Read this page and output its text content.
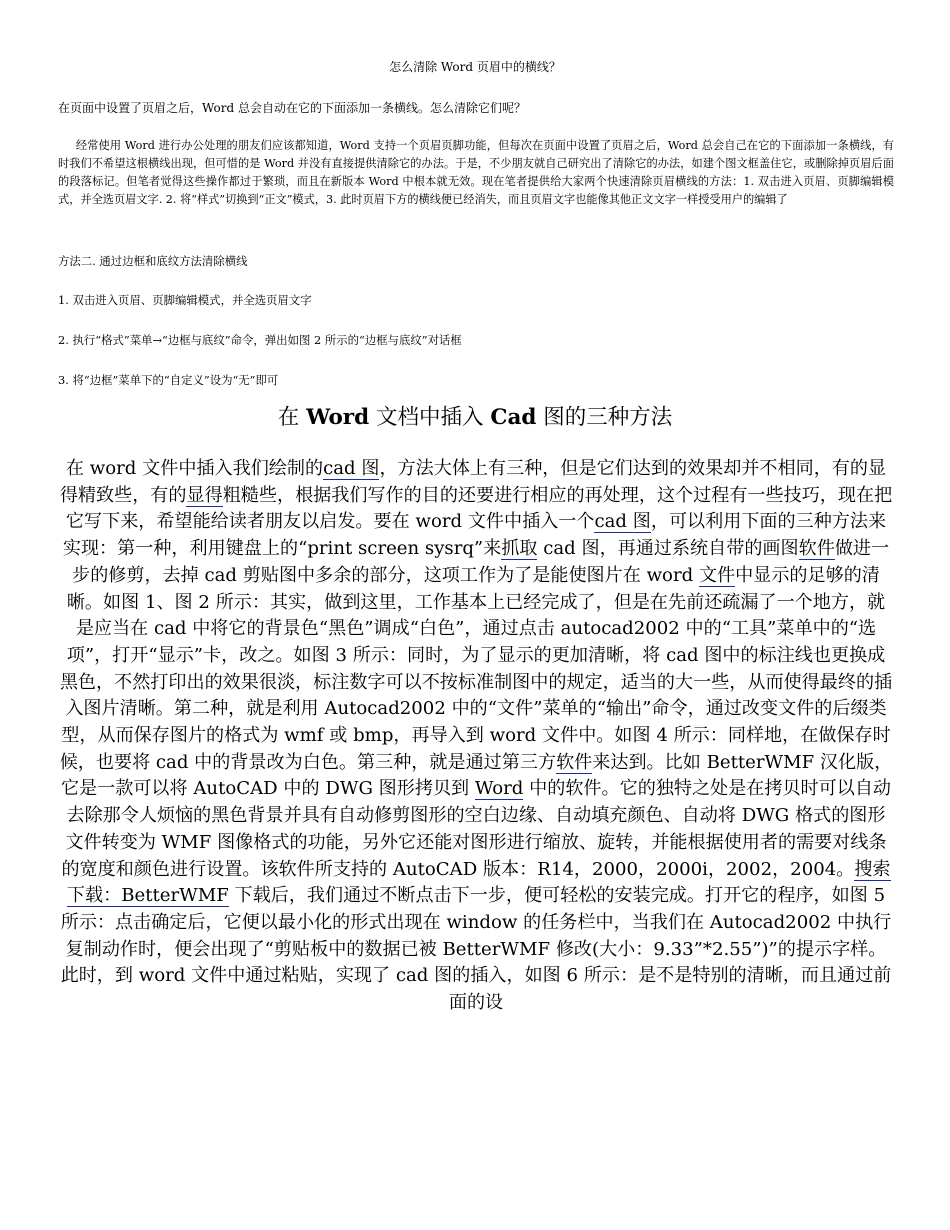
怎么清除 Word 页眉中的横线？
在页面中设置了页眉之后，Word 总会自动在它的下面添加一条横线。怎么清除它们呢？
经常使用 Word 进行办公处理的朋友们应该都知道，Word 支持一个页眉页脚功能，但每次在页面中设置了页眉之后，Word 总会自己在它的下面添加一条横线，有时我们不希望这根横线出现，但可惜的是 Word 并没有直接提供清除它的办法。于是，不少朋友就自己研究出了清除它的办法，如建个图文框盖住它，或删除掉页眉后面的段落标记。但笔者觉得这些操作都过于繁琐，而且在新版本 Word 中根本就无效。现在笔者提供给大家两个快速清除页眉横线的方法：1. 双击进入页眉、页脚编辑模式，并全选页眉文字. 2. 将“样式”切换到“正文”模式，3. 此时页眉下方的横线便已经消失，而且页眉文字也能像其他正文文字一样授受用户的编辑了
方法二. 通过边框和底纹方法清除横线
1. 双击进入页眉、页脚编辑模式，并全选页眉文字
2. 执行“格式”菜单→“边框与底纹”命令，弹出如图 2 所示的“边框与底纹”对话框
3. 将“边框”菜单下的“自定义”设为“无”即可
在 Word 文档中插入 Cad 图的三种方法
在 word 文件中插入我们绘制的cad 图，方法大体上有三种，但是它们达到的效果却并不相同，有的显得精致些，有的显得粗糙些，根据我们写作的目的还要进行相应的再处理，这个过程有一些技巧，现在把它写下来，希望能给读者朋友以启发。要在 word 文件中插入一个cad 图，可以利用下面的三种方法来实现：第一种，利用键盘上的“print screen sysrq”来抓取 cad 图，再通过系统自带的画图软件做进一步的修剪，去掉 cad 剪贴图中多余的部分，这项工作为了是能使图片在 word 文件中显示的足够的清晰。如图 1、图 2 所示：其实，做到这里，工作基本上已经完成了，但是在先前还疏漏了一个地方，就是应当在 cad 中将它的背景色“黑色”调成“白色”，通过点击 autocad2002 中的“工具”菜单中的“选项”，打开“显示”卡，改之。如图 3 所示：同时，为了显示的更加清晰，将 cad 图中的标注线也更换成黑色，不然打印出的效果很淡，标注数字可以不按标准制图中的规定，适当的大一些，从而使得最终的插入图片清晰。第二种，就是利用 Autocad2002 中的“文件”菜单的“输出”命令，通过改变文件的后缀类型，从而保存图片的格式为 wmf 或 bmp，再导入到 word 文件中。如图 4 所示：同样地，在做保存时候，也要将 cad 中的背景改为白色。第三种，就是通过第三方软件来达到。比如 BetterWMF 汉化版，它是一款可以将 AutoCAD 中的 DWG 图形拷贝到 Word 中的软件。它的独特之处是在拷贝时可以自动去除那令人烦恼的黑色背景并具有自动修剪图形的空白边缘、自动填充颜色、自动将 DWG 格式的图形文件转变为 WMF 图像格式的功能，另外它还能对图形进行缩放、旋转，并能根据使用者的需要对线条的宽度和颜色进行设置。该软件所支持的 AutoCAD 版本：R14，2000，2000i，2002，2004。搜索下载：BetterWMF 下载后，我们通过不断点击下一步，便可轻松的安装完成。打开它的程序，如图 5 所示：点击确定后，它便以最小化的形式出现在 window 的任务栏中，当我们在 Autocad2002 中执行复制动作时，便会出现了“剪贴板中的数据已被 BetterWMF 修改(大小：9.33”*2.55”)”的提示字样。此时，到 word 文件中通过粘贴，实现了 cad 图的插入，如图 6 所示：是不是特别的清晰，而且通过前面的设
